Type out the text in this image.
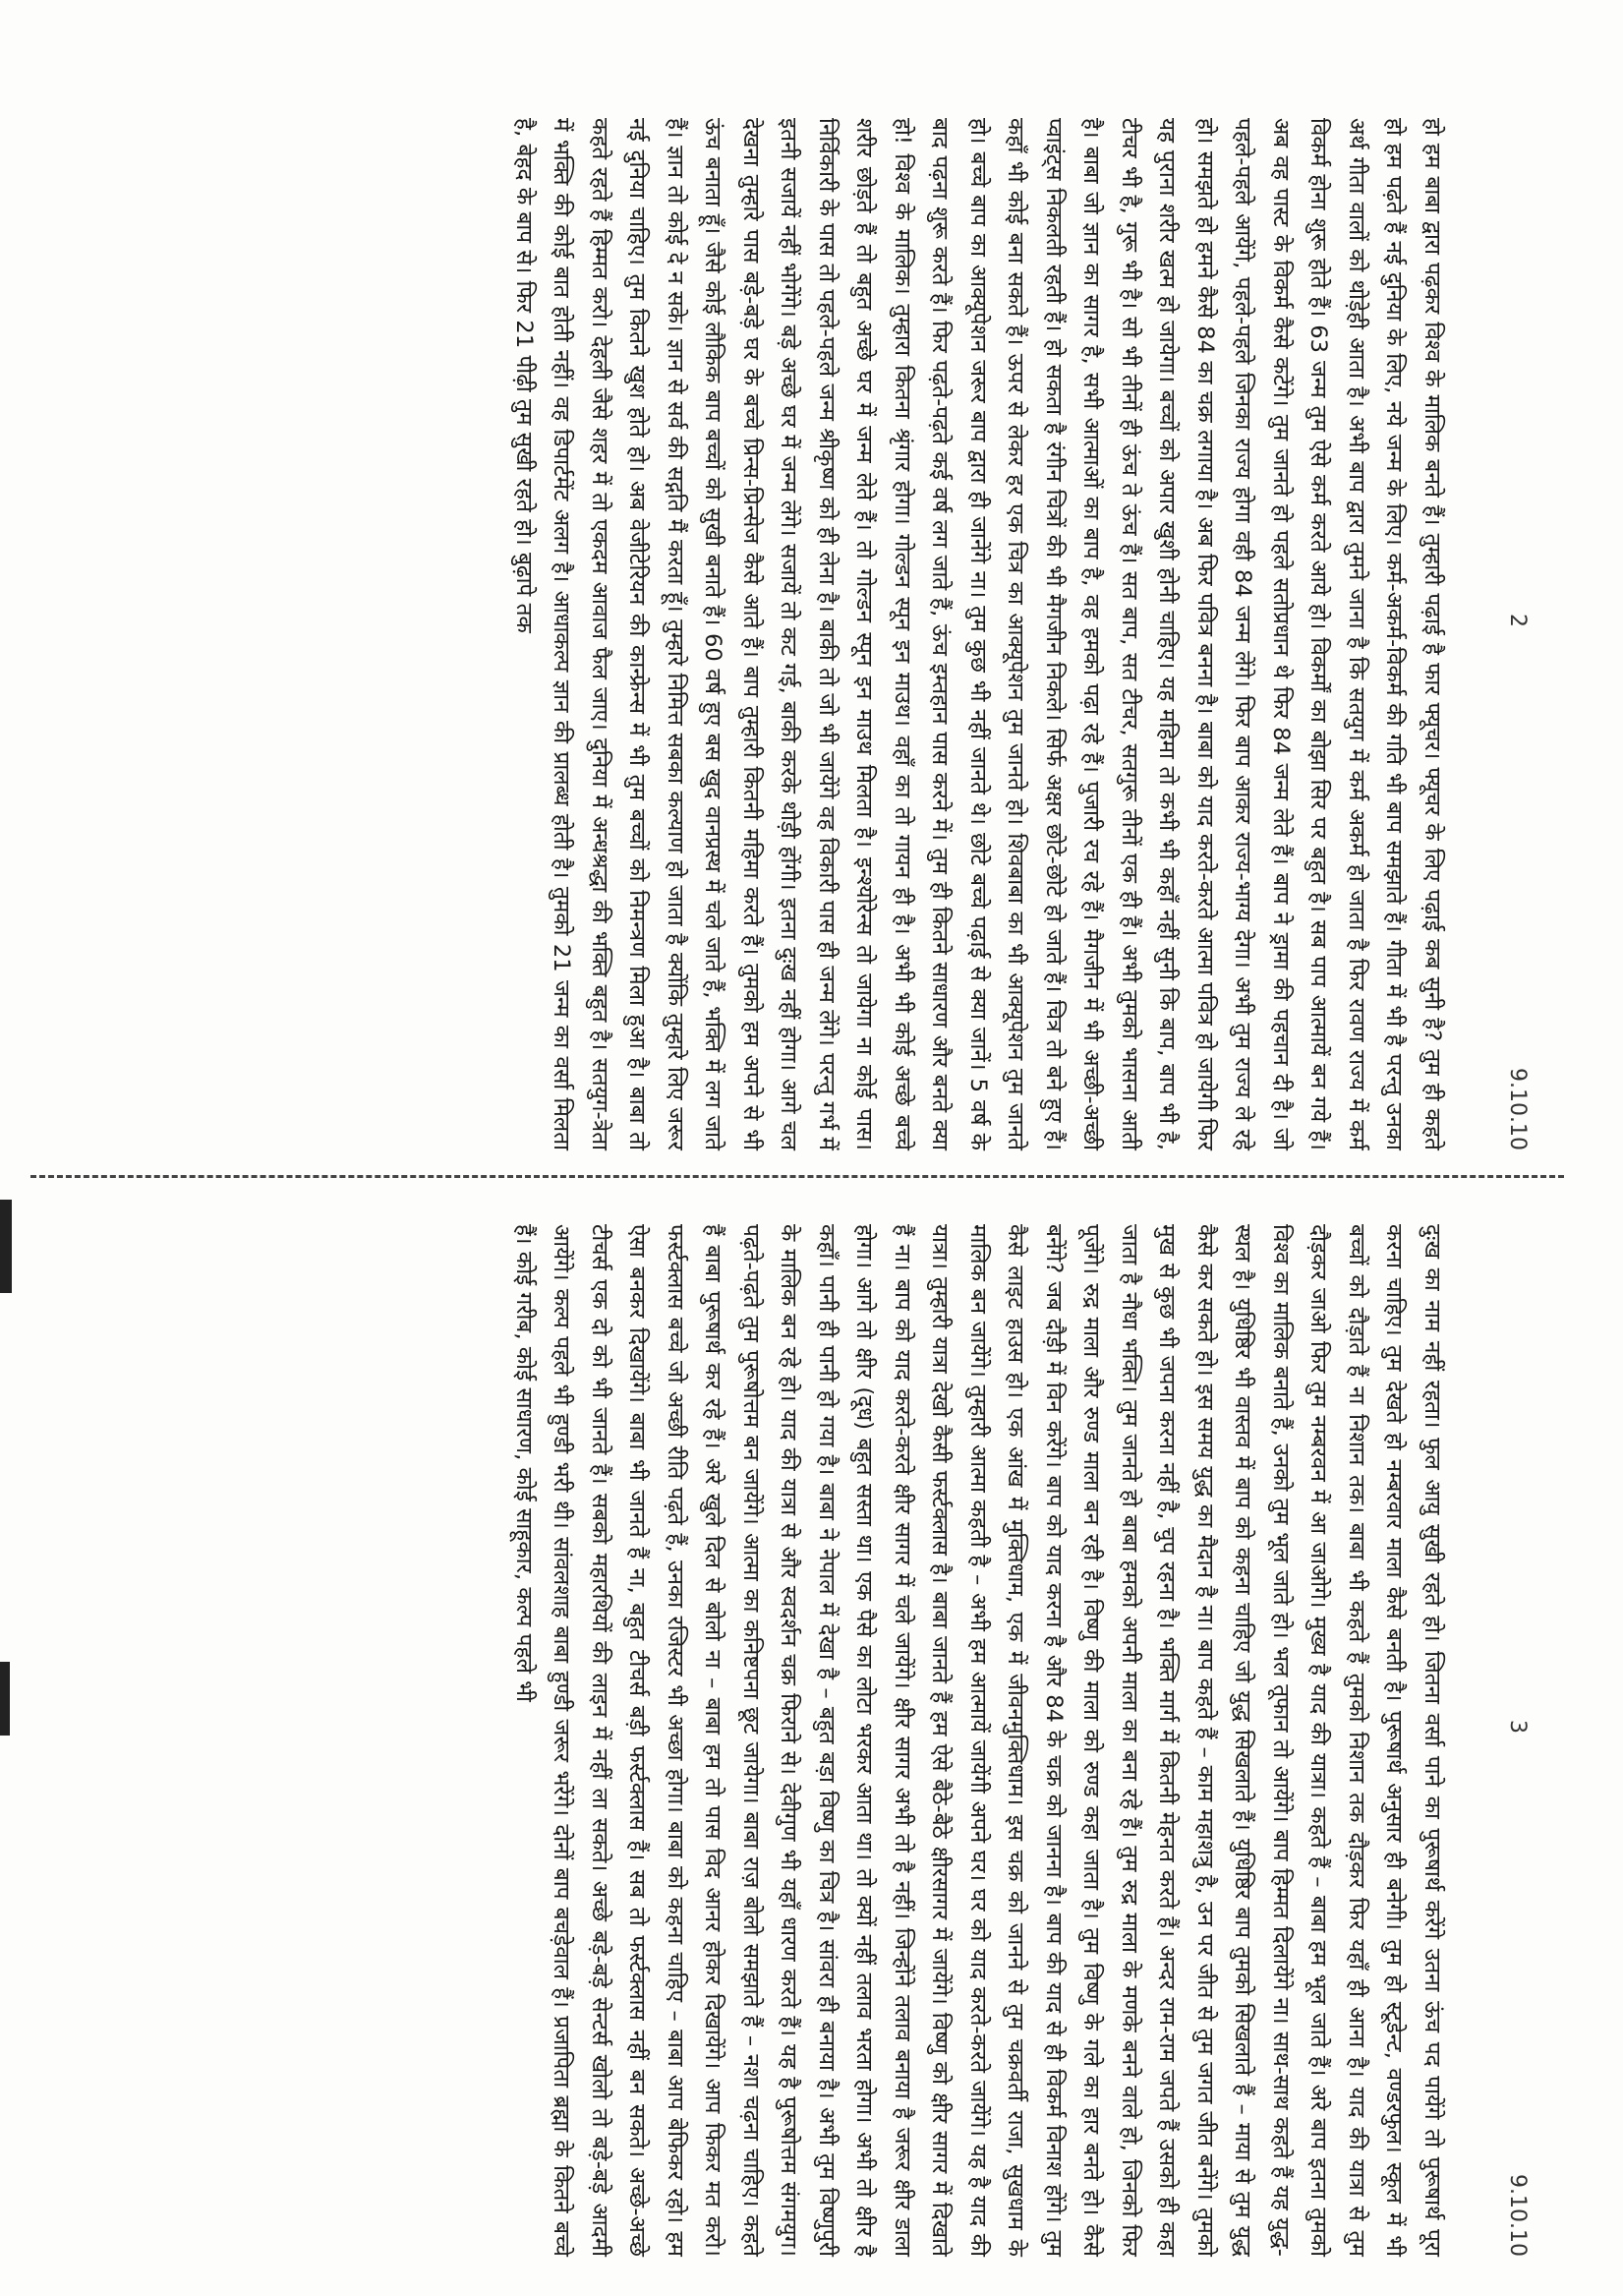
2
9.10.10

हो हम बाबा द्वारा पढ़कर विश्व के मालिक बनते हैं। तुम्हारी पढ़ाई है फार फ्यूचर। फ्यूचर के लिए पढ़ाई कब सुनी है? तुम ही कहते हो हम पढ़ते हैं नई दुनिया के लिए, नये जन्म के लिए। कर्म-अकर्म-विकर्म की गति भी बाप समझाते हैं। गीता में भी है परन्तु उनका अर्थ गीता वालों को थोड़ेही आता है। अभी बाप द्वारा तुमने जाना है कि सतयुग में कर्म अकर्म हो जाता है फिर रावण राज्य में कर्म विकर्म होना शुरू होते हैं। 63 जन्म तुम ऐसे कर्म करते आये हो। विकर्मों का बोझा सिर पर बहुत है। सब पाप आत्मायें बन गये हैं। अब वह पास्ट के विकर्म कैसे कटेंगे। तुम जानते हो पहले सतोप्रधान थे फिर 84 जन्म लेते हैं। बाप ने ड्रामा की पहचान दी है। जो पहले-पहले आयेंगे, पहले-पहले जिनका राज्य होगा वही 84 जन्म लेंगे। फिर बाप आकर राज्य-भाग्य देगा। अभी तुम राज्य ले रहे हो। समझते हो हमने कैसे 84 का चक्र लगाया है। अब फिर पवित्र बनना है। बाबा को याद करते-करते आत्मा पवित्र हो जायेगी फिर यह पुराना शरीर खत्म हो जायेगा। बच्चों को अपार खुशी होनी चाहिए। यह महिमा तो कभी भी कहाँ नहीं सुनी कि बाप, बाप भी है, टीचर भी है, गुरू भी है। सो भी तीनों ही ऊंच ते ऊंच हैं। सत बाप, सत टीचर, सतगुरू तीनों एक ही हैं। अभी तुमको भासना आती है। बाबा जो ज्ञान का सागर है, सभी आत्माओं का बाप है, वह हमको पढ़ा रहे हैं। पुजारी रच रहे हैं। मैगजीन में भी अच्छी-अच्छी प्वाइंट्स निकलती रहती हैं। हो सकता है रंगीन चित्रों की भी मैगजीन निकले। सिर्फ अक्षर छोटे-छोटे हो जाते हैं। चित्र तो बने हुए हैं। कहाँ भी कोई बना सकते हैं। ऊपर से लेकर हर एक चित्र का आक्यूपेशन तुम जानते हो। शिवबाबा का भी आक्यूपेशन तुम जानते हो। बच्चे बाप का आक्यूपेशन जरूर बाप द्वारा ही जानेंगे ना। तुम कुछ भी नहीं जानते थे। छोटे बच्चे पढ़ाई से क्या जानें। 5 वर्ष के बाद पढ़ना शुरू करते हैं। फिर पढ़ते-पढ़ते कई वर्ष लग जाते हैं, ऊंच इम्तहान पास करने में। तुम ही कितने साधारण और बनते क्या हो! विश्व के मालिक। तुम्हारा कितना श्रृंगार होगा। गोल्डन स्पून इन माउथ। वहाँ का तो गायन ही है। अभी भी कोई अच्छे बच्चे शरीर छोड़ते हैं तो बहुत अच्छे घर में जन्म लेते हैं। तो गोल्डन स्पून इन माउथ मिलता है। इन्श्योरेन्स तो जायेगा ना कोई पास। निर्विकारी के पास तो पहले-पहले जन्म श्रीकृष्ण को ही लेना है। बाकी तो जो भी जायेंगे वह विकारी पास ही जन्म लेंगे। परन्तु गर्भ में इतनी सजायें नहीं भोगेंगे। बड़े अच्छे घर में जन्म लेंगे। सजायें तो कट गई, बाकी करके थोड़ी होंगी। इतना दुःख नहीं होगा। आगे चल देखना तुम्हारे पास बड़े-बड़े घर के बच्चे प्रिन्स-प्रिन्सेज कैसे आते हैं। बाप तुम्हारी कितनी महिमा करते हैं। तुमको हम अपने से भी ऊंच बनाता हूँ। जैसे कोई लौकिक बाप बच्चों को सुखी बनाते हैं। 60 वर्ष हुए बस खुद वानप्रस्थ में चले जाते हैं, भक्ति में लग जाते हैं। ज्ञान तो कोई दे न सके। ज्ञान से सर्व की सद्गति मैं करता हूँ। तुम्हारे निमित्त सबका कल्याण हो जाता है क्योंकि तुम्हारे लिए जरूर नई दुनिया चाहिए। तुम कितने खुश होते हो। अब वेजीटेरियन की कान्फ्रेन्स में भी तुम बच्चों को निमन्त्रण मिला हुआ है। बाबा तो कहते रहते हैं हिम्मत करो। देहली जैसे शहर में तो एकदम आवाज फैल जाए। दुनिया में अन्धश्रद्धा की भक्ति बहुत है। सतयुग-त्रेता में भक्ति की कोई बात होती नहीं। वह डिपार्टमेंट अलग है। आधाकल्प ज्ञान की प्रालब्ध होती है। तुमको 21 जन्म का वर्सा मिलता है, बेहद के बाप से। फिर 21 पीढ़ी तुम सुखी रहते हो। बुढ़ापे तक

3
9.10.10

दुःख का नाम नहीं रहता। फुल आयु सुखी रहते हो। जितना वर्सा पाने का पुरूषार्थ करेंगे उतना ऊंच पद पायेंगे तो पुरूषार्थ पूरा करना चाहिए। तुम देखते हो नम्बरवार माला कैसे बनती है। पुरूषार्थ अनुसार ही बनेगी। तुम हो स्टूडेन्ट, वण्डरफुल। स्कूल में भी बच्चों को दौड़ाते हैं ना निशान तक। बाबा भी कहते हैं तुमको निशान तक दौड़कर फिर यहाँ ही आना है। याद की यात्रा से तुम दौड़कर जाओ फिर तुम नम्बरवन में आ जाओगे। मुख्य है याद की यात्रा। कहते हैं – बाबा हम भूल जाते हैं। अरे बाप इतना तुमको विश्व का मालिक बनाते हैं, उनको तुम भूल जाते हो। भल तूफान तो आयेंगे। बाप हिम्मत दिलायेंगे ना। साथ-साथ कहते हैं यह युद्ध-स्थल है। युधिष्ठिर भी वास्तव में बाप को कहना चाहिए जो युद्ध सिखलाते हैं। युधिष्ठिर बाप तुमको सिखलाते हैं – माया से तुम युद्ध कैसे कर सकते हो। इस समय युद्ध का मैदान है ना। बाप कहते हैं – काम महाशत्रु है, उन पर जीत से तुम जगत जीत बनेंगे। तुमको मुख से कुछ भी जपना करना नहीं है, चुप रहना है। भक्ति मार्ग में कितनी मेहनत करते हैं। अन्दर राम-राम जपते हैं उसको ही कहा जाता है नौधा भक्ति। तुम जानते हो बाबा हमको अपनी माला का बना रहे हैं। तुम रुद्र माला के मणके बनने वाले हो, जिनको फिर पूजेंगे। रुद्र माला और रुण्ड माला बन रही है। विष्णु की माला को रुण्ड कहा जाता है। तुम विष्णु के गले का हार बनते हो। कैसे बनेंगे? जब दौड़ी में विन करेंगे। बाप को याद करना है और 84 के चक्र को जानना है। बाप की याद से ही विकर्म विनाश होंगे। तुम कैसे लाइट हाउस हो। एक आंख में मुक्तिधाम, एक में जीवनमुक्तिधाम। इस चक्र को जानने से तुम चक्रवर्ती राजा, सुखधाम के मालिक बन जायेंगे। तुम्हारी आत्मा कहती है – अभी हम आत्मायें जायेंगी अपने घर। घर को याद करते-करते जायेंगे। यह है याद की यात्रा। तुम्हारी यात्रा देखो कैसी फर्स्टक्लास है। बाबा जानते हैं हम ऐसे बैठे-बैठे क्षीरसागर में जायेंगे। विष्णु को क्षीर सागर में दिखाते हैं ना। बाप को याद करते-करते क्षीर सागर में चले जायेंगे। क्षीर सागर अभी तो है नहीं। जिन्होंने तलाव बनाया है जरूर क्षीर डाला होगा। आगे तो क्षीर (दूध) बहुत सस्ता था। एक पैसे का लोटा भरकर आता था। तो क्यों नहीं तलाव भरता होगा। अभी तो क्षीर है कहाँ। पानी ही पानी हो गया है। बाबा ने नेपाल में देखा है – बहुत बड़ा विष्णु का चित्र है। सांवरा ही बनाया है। अभी तुम विष्णुपुरी के मालिक बन रहे हो। याद की यात्रा से और स्वदर्शन चक्र फिराने से। देवीगुण भी यहाँ धारण करते हैं। यह है पुरूषोत्तम संगमयुग। पढ़ते-पढ़ते तुम पुरूषोत्तम बन जायेंगे। आत्मा का कनिष्टपना छूट जायेगा। बाबा राज़ बोलो समझाते हैं – नशा चढ़ना चाहिए। कहते हैं बाबा पुरूषार्थ कर रहे हैं। अरे खुले दिल से बोलो ना – बाबा हम तो पास विद आनर होकर दिखायेंगे। आप फिकर मत करो। फर्स्टक्लास बच्चे जो अच्छी रीति पढ़ते हैं, उनका रजिस्टर भी अच्छा होगा। बाबा को कहना चाहिए – बाबा आप बेफिकर रहो। हम ऐसा बनकर दिखायेंगे। बाबा भी जानते हैं ना, बहुत टीचर्स बड़ी फर्स्टक्लास हैं। सब तो फर्स्टक्लास नहीं बन सकते। अच्छे-अच्छे टीचर्स एक दो को भी जानते हैं। सबको महारथियों की लाइन में नहीं ला सकते। अच्छे बड़े-बड़े सेन्टर्स खोलो तो बड़े-बड़े आदमी आयेंगे। कल्प पहले भी हुण्डी भरी थी। सांवलशाह बाबा हुण्डी जरूर भरेंगे। दोनों बाप बचड़ेवाल हैं। प्रजापिता ब्रह्मा के कितने बच्चे हैं। कोई गरीब, कोई साधारण, कोई साहूकार, कल्प पहले भी
